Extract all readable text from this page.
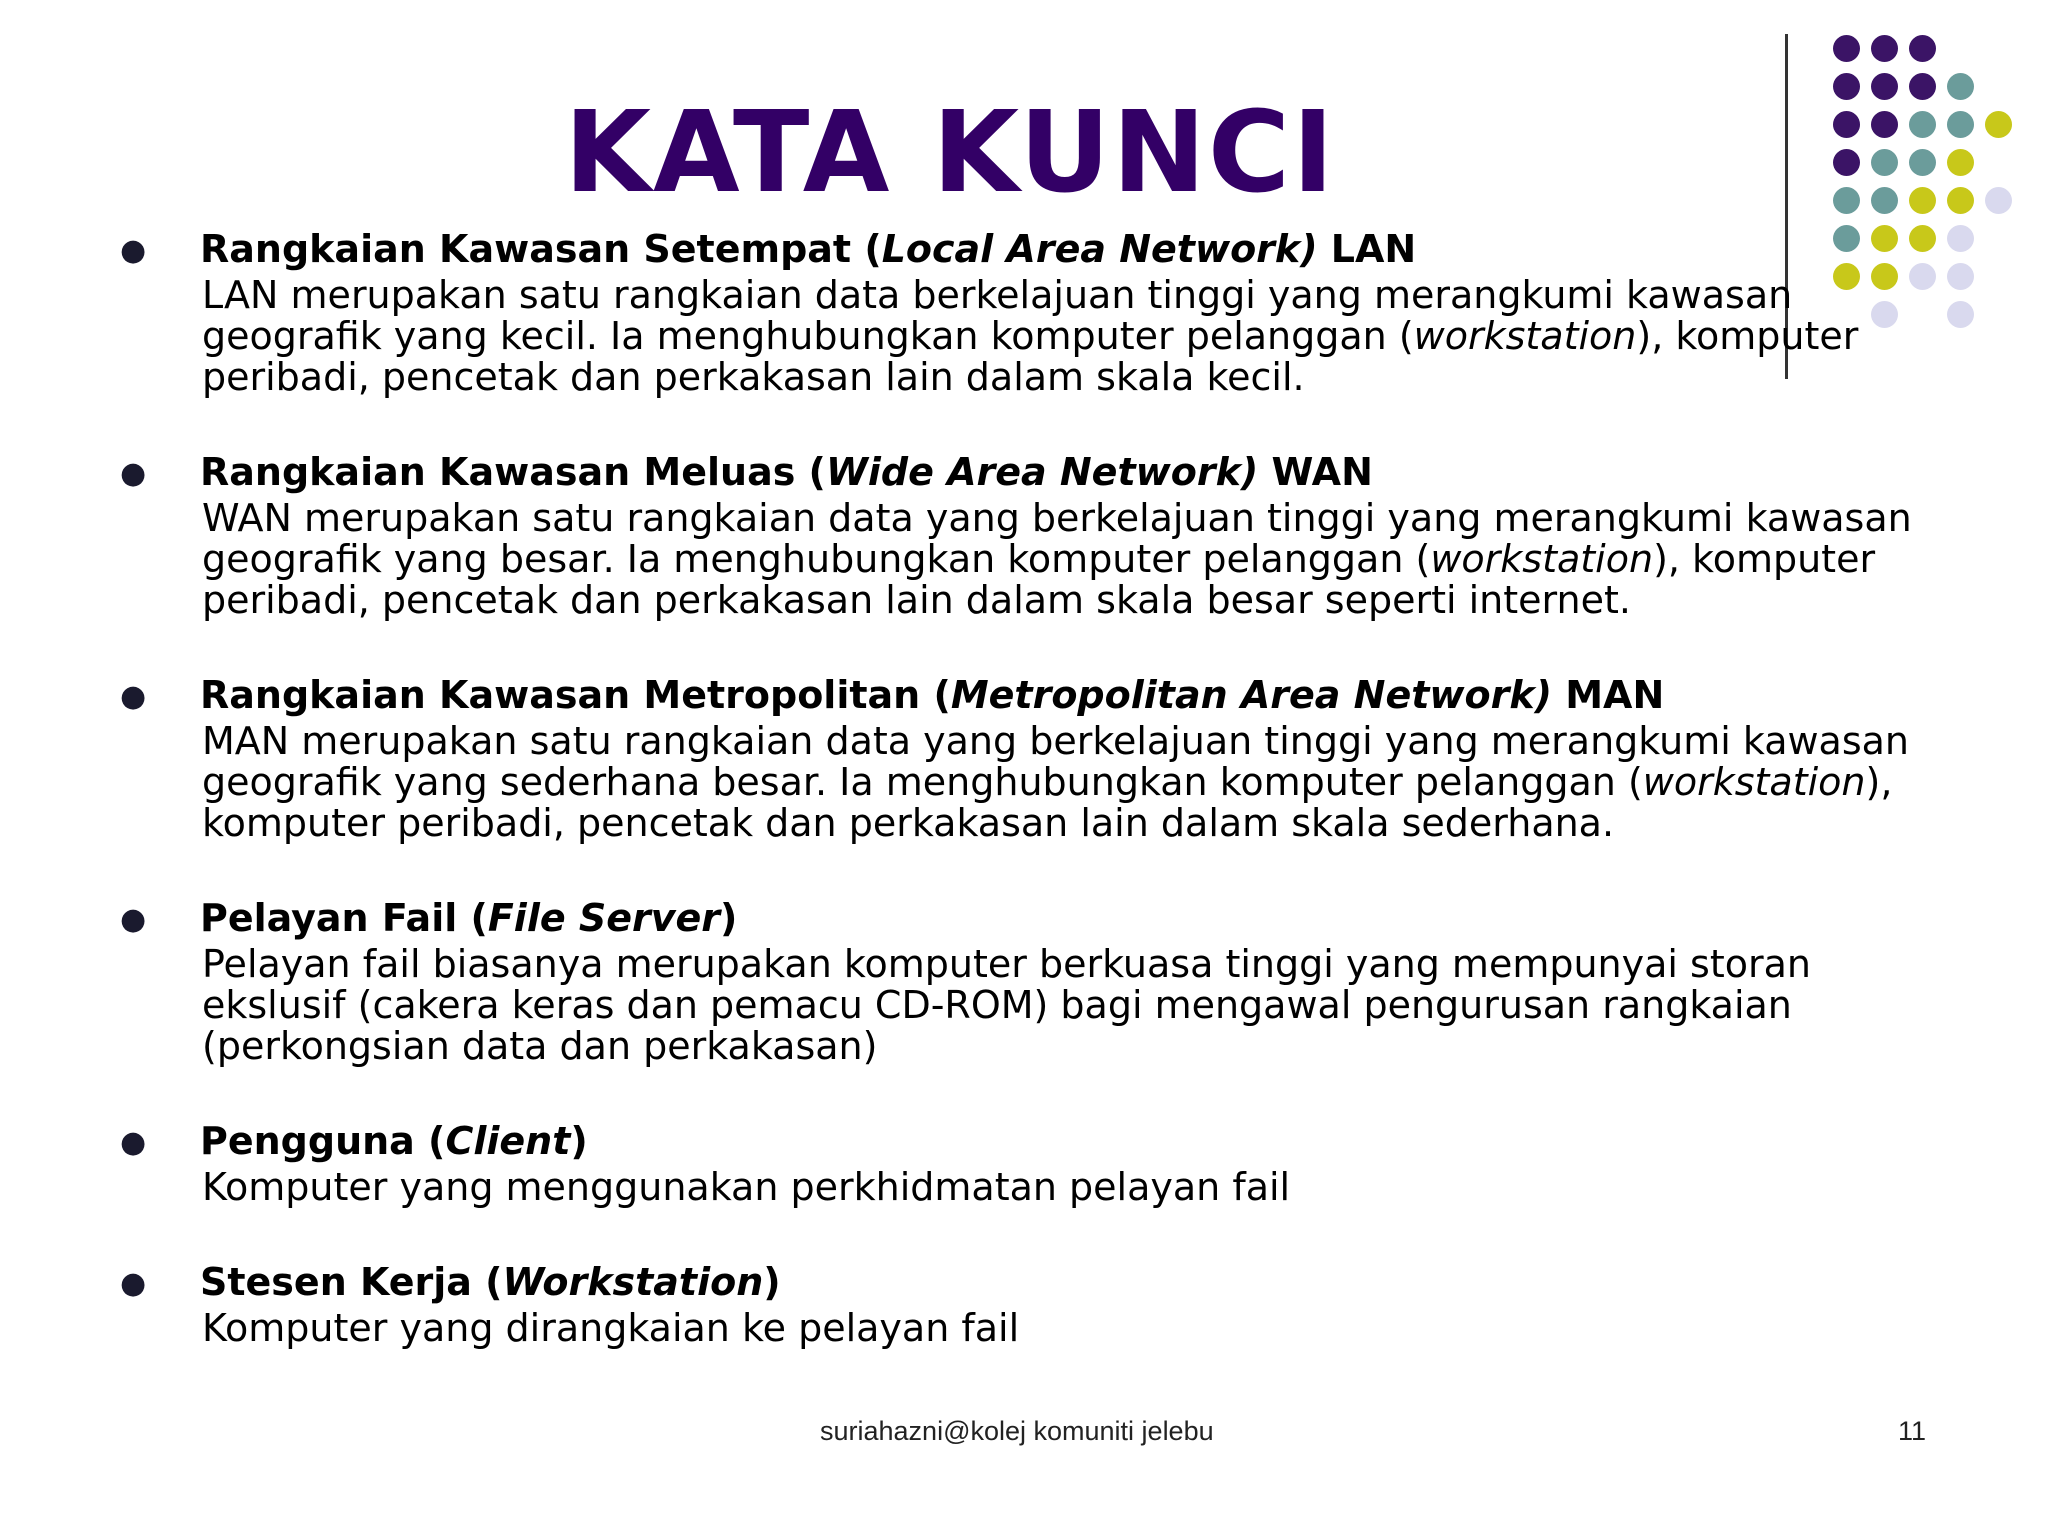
KATA KUNCI
● Rangkaian Kawasan Setempat (Local Area Network) LAN

LAN merupakan satu rangkaian data berkelajuan tinggi yang merangkumi kawasan

geografik yang kecil. Ia menghubungkan komputer pelanggan (workstation), komputer

peribadi, pencetak dan perkakasan lain dalam skala kecil.

● Rangkaian Kawasan Meluas (Wide Area Network) WAN

WAN merupakan satu rangkaian data yang berkelajuan tinggi yang merangkumi kawasan

geografik yang besar. Ia menghubungkan komputer pelanggan (workstation), komputer

peribadi, pencetak dan perkakasan lain dalam skala besar seperti internet.

● Rangkaian Kawasan Metropolitan (Metropolitan Area Network) MAN

MAN merupakan satu rangkaian data yang berkelajuan tinggi yang merangkumi kawasan

geografik yang sederhana besar. Ia menghubungkan komputer pelanggan (workstation),

komputer peribadi, pencetak dan perkakasan lain dalam skala sederhana.

● Pelayan Fail (File Server)

Pelayan fail biasanya merupakan komputer berkuasa tinggi yang mempunyai storan

ekslusif (cakera keras dan pemacu CD-ROM) bagi mengawal pengurusan rangkaian

(perkongsian data dan perkakasan)

● Pengguna (Client)

Komputer yang menggunakan perkhidmatan pelayan fail

● Stesen Kerja (Workstation)

Komputer yang dirangkaian ke pelayan fail

suriahazni@kolej komuniti jelebu	11
